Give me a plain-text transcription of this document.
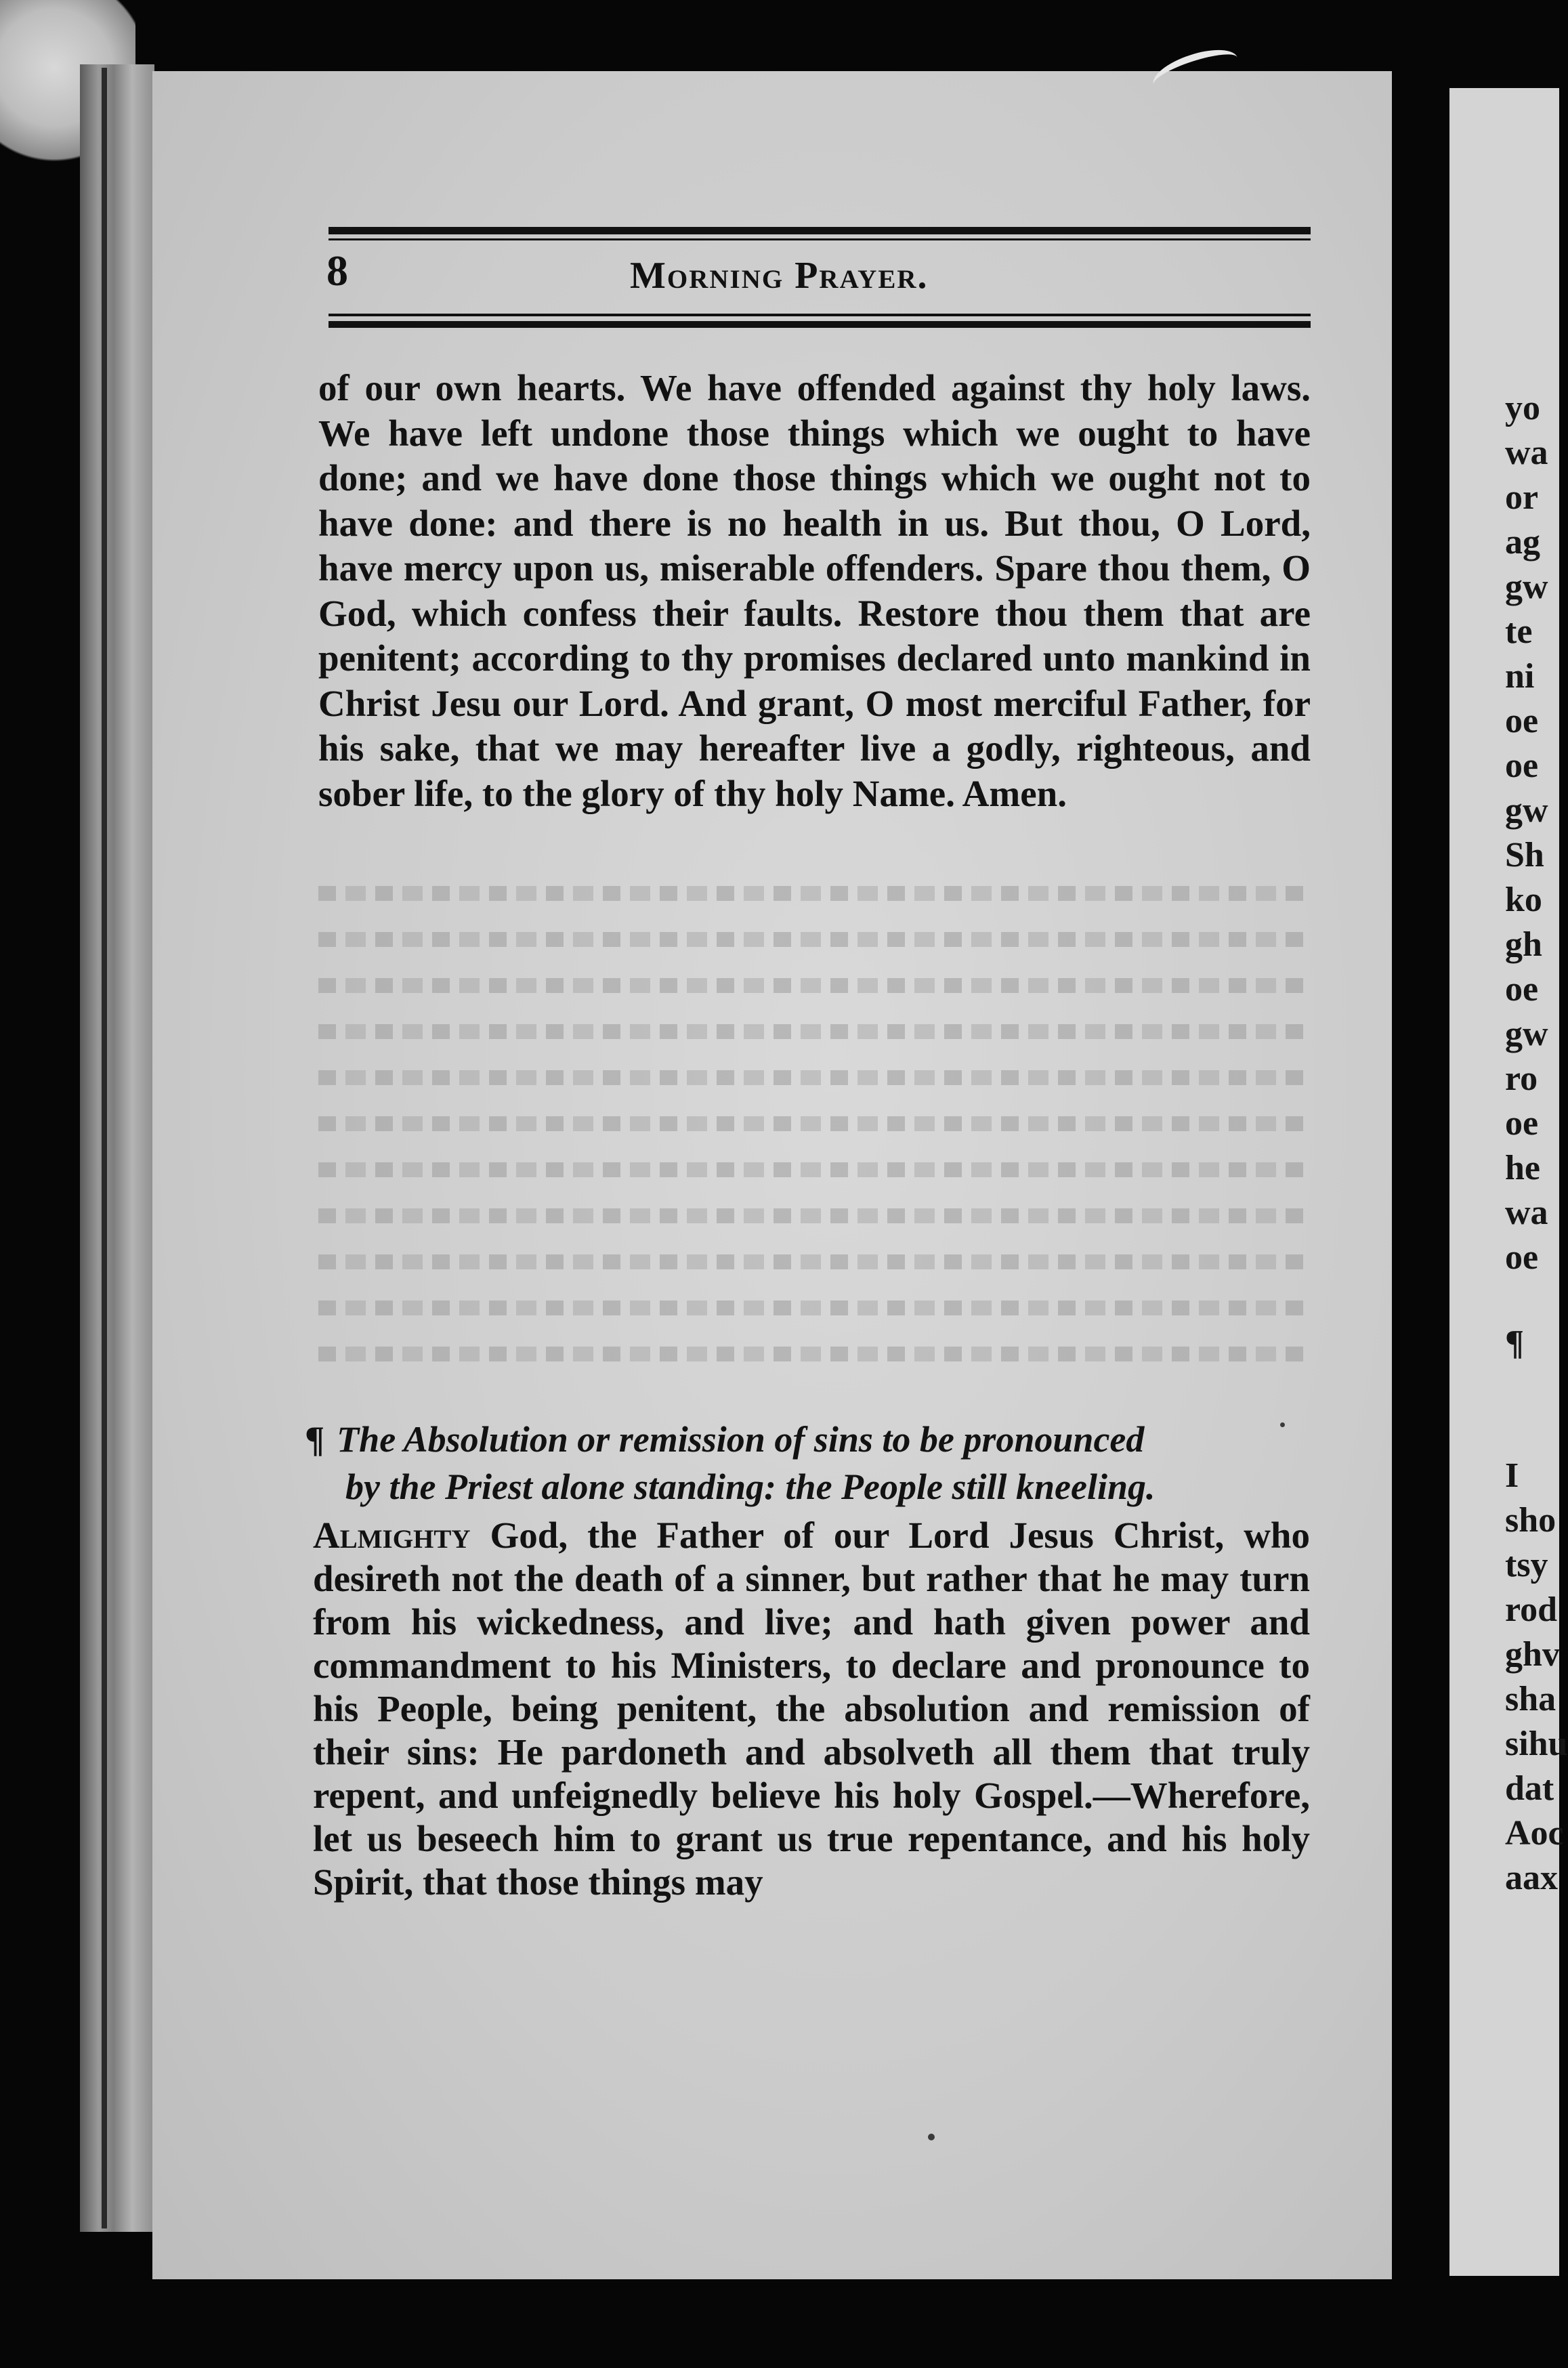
yo
wa
or
ag
gw
te
ni
oe
oe
gw
Sh
ko
gh
oe
gw
ro
oe
he
wa
oe
¶
I
sho
tsy
rod
ghv
sha
sihu
dat
Aoc
aax
8	Morning Prayer.
of our own hearts. We have offended against thy holy laws. We have left undone those things which we ought to have done; and we have done those things which we ought not to have done: and there is no health in us. But thou, O Lord, have mercy upon us, miserable offenders. Spare thou them, O God, which confess their faults. Restore thou them that are penitent; according to thy promises declared unto mankind in Christ Jesu our Lord. And grant, O most merciful Father, for his sake, that we may hereafter live a godly, righteous, and sober life, to the glory of thy holy Name. Amen.
¶ The Absolution or remission of sins to be pronounced
by the Priest alone standing: the People still kneeling.
Almighty God, the Father of our Lord Jesus Christ, who desireth not the death of a sinner, but rather that he may turn from his wickedness, and live; and hath given power and commandment to his Ministers, to declare and pronounce to his People, being penitent, the absolution and remission of their sins: He pardoneth and absolveth all them that truly repent, and unfeignedly believe his holy Gospel.—Wherefore, let us beseech him to grant us true repentance, and his holy Spirit, that those things may
